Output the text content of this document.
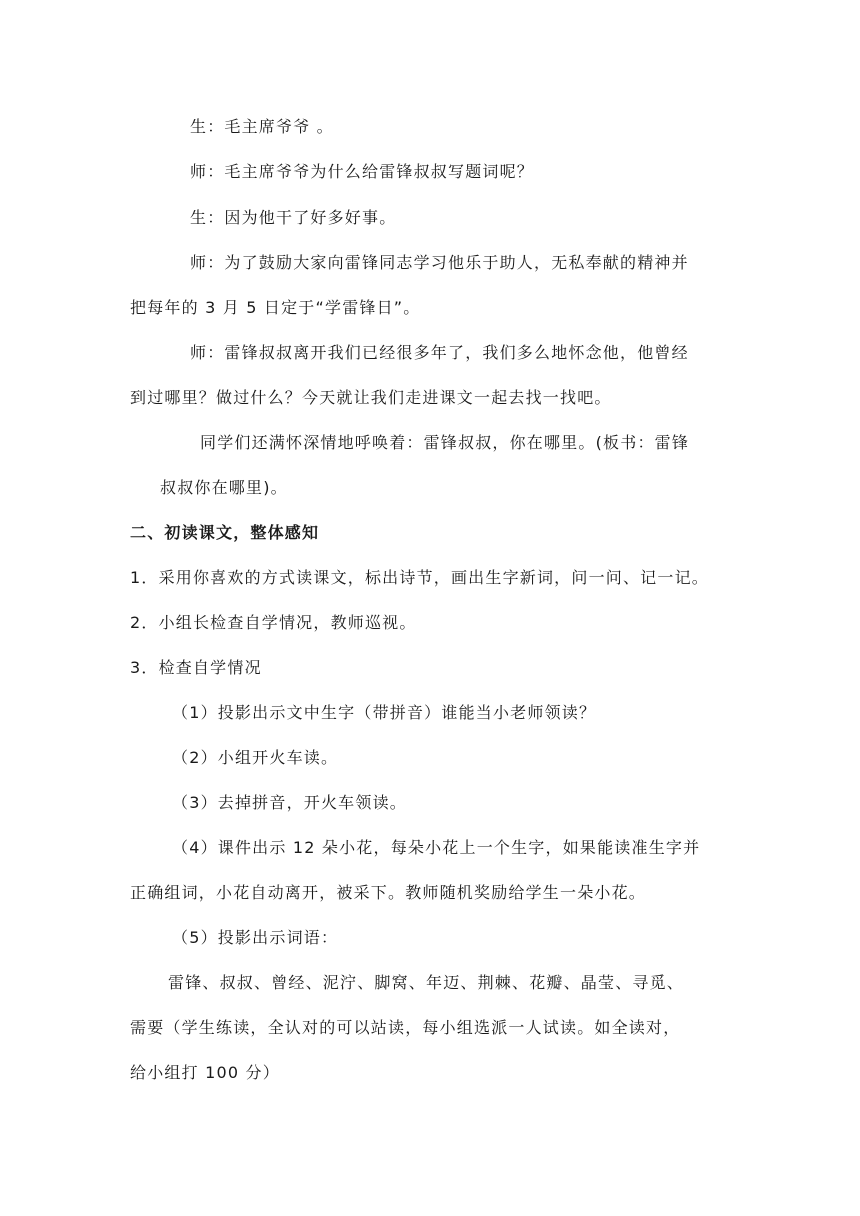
生：毛主席爷爷 。
师：毛主席爷爷为什么给雷锋叔叔写题词呢？
生：因为他干了好多好事。
师：为了鼓励大家向雷锋同志学习他乐于助人，无私奉献的精神并
把每年的 3 月 5 日定于“学雷锋日”。
师：雷锋叔叔离开我们已经很多年了，我们多么地怀念他，他曾经
到过哪里？做过什么？今天就让我们走进课文一起去找一找吧。
同学们还满怀深情地呼唤着：雷锋叔叔，你在哪里。(板书：雷锋
叔叔你在哪里)。
二、初读课文，整体感知
1．采用你喜欢的方式读课文，标出诗节，画出生字新词，问一问、记一记。
2．小组长检查自学情况，教师巡视。
3．检查自学情况
（1）投影出示文中生字（带拼音）谁能当小老师领读？
（2）小组开火车读。
（3）去掉拼音，开火车领读。
（4）课件出示 12 朵小花，每朵小花上一个生字，如果能读准生字并
正确组词，小花自动离开，被采下。教师随机奖励给学生一朵小花。
（5）投影出示词语：
雷锋、叔叔、曾经、泥泞、脚窝、年迈、荆棘、花瓣、晶莹、寻觅、
需要（学生练读，全认对的可以站读，每小组选派一人试读。如全读对，
给小组打 100 分）
